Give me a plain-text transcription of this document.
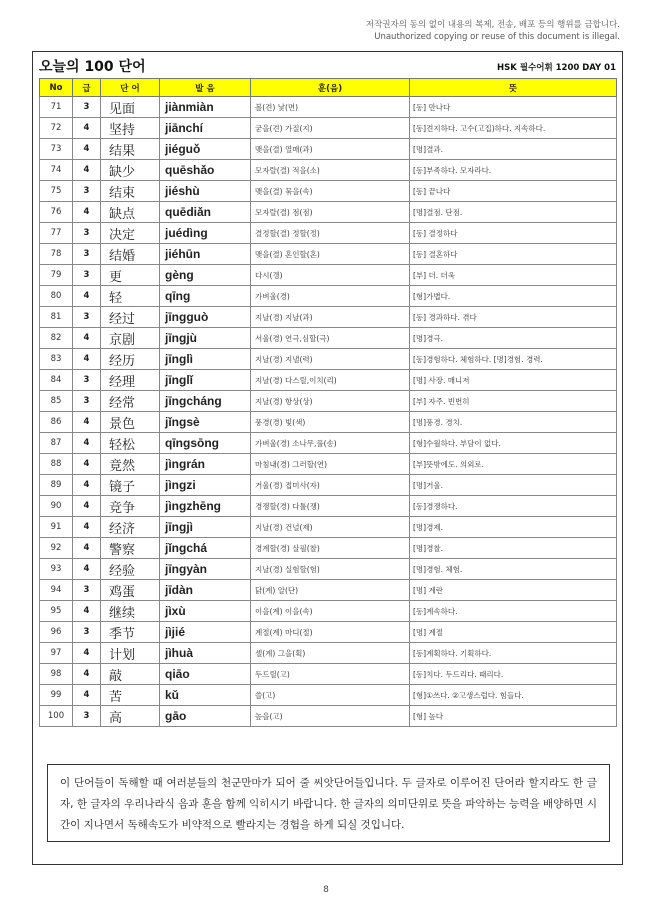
저작권자의 동의 없이 내용의 복제, 전송, 배포 등의 행위를 금합니다.
Unauthorized copying or reuse of this document is illegal.
오늘의 100 단어	HSK 필수어휘 1200 DAY 01
No	급	단 어	발 음	훈(음)	뜻
71	3	见面	jiànmiàn	볼(견) 낯(면)	[동] 만나다
72	4	坚持	jiānchí	굳을(견) 가질(지)	[동]견지하다. 고수(고집)하다. 지속하다.
73	4	结果	jiéguǒ	맺을(결) 열매(과)	[명]결과.
74	4	缺少	quēshǎo	모자랄(결) 적을(소)	[동]부족하다. 모자라다.
75	3	结束	jiéshù	맺을(결) 묶을(속)	[동] 끝나다
76	4	缺点	quēdiǎn	모자랄(결) 점(점)	[명]결점. 단점.
77	3	决定	juédìng	결정할(결) 정할(정)	[동] 결정하다
78	3	结婚	jiéhūn	맺을(결) 혼인할(혼)	[동] 결혼하다
79	3	更	gèng	다시(갱)	[부] 더. 더욱
80	4	轻	qīng	가벼울(경)	[형]가볍다.
81	3	经过	jīngguò	지날(경) 지날(과)	[동] 경과하다. 겪다
82	4	京剧	jīngjù	서울(경) 연극,심할(극)	[명]경극.
83	4	经历	jīnglì	지날(경) 지낼(력)	[동]경험하다. 체험하다. [명]경험. 경력.
84	3	经理	jīnglǐ	지날(경) 다스릴,이치(리)	[명] 사장. 매니저
85	3	经常	jīngcháng	지날(경) 항상(상)	[부] 자주. 빈번히
86	4	景色	jǐngsè	풍경(경) 빛(색)	[명]풍경. 경치.
87	4	轻松	qīngsōng	가벼울(경) 소나무,풀(송)	[형]수월하다. 부담이 없다.
88	4	竟然	jìngrán	마침내(경) 그러할(연)	[부]뜻밖에도. 의외로.
89	4	镜子	jìngzi	거울(경) 접미사(자)	[명]거울.
90	4	竞争	jìngzhēng	경쟁할(경) 다툴(쟁)	[동]경쟁하다.
91	4	经济	jīngjì	지날(경) 건널(제)	[명]경제.
92	4	警察	jǐngchá	경계할(경) 살필(찰)	[명]경찰.
93	4	经验	jīngyàn	지날(경) 실험할(험)	[명]경험. 체험.
94	3	鸡蛋	jīdàn	닭(계) 알(단)	[명] 계란
95	4	继续	jìxù	이을(계) 이을(속)	[동]계속하다.
96	3	季节	jìjié	계절(계) 마디(절)	[명] 계절
97	4	计划	jìhuà	셀(계) 그을(획)	[동]계획하다. 기획하다.
98	4	敲	qiāo	두드릴(고)	[동]치다. 두드리다. 때리다.
99	4	苦	kǔ	쓸(고)	[형]①쓰다. ②고생스럽다. 힘들다.
100	3	高	gāo	높을(고)	[형] 높다

이 단어들이 독해할 때 여러분들의 천군만마가 되어 줄 씨앗단어들입니다. 두 글자로 이루어진 단어라 할지라도 한 글자, 한 글자의 우리나라식 음과 훈을 함께 익히시기 바랍니다. 한 글자의 의미단위로 뜻을 파악하는 능력을 배양하면 시간이 지나면서 독해속도가 비약적으로 빨라지는 경험을 하게 되실 것입니다.

8
